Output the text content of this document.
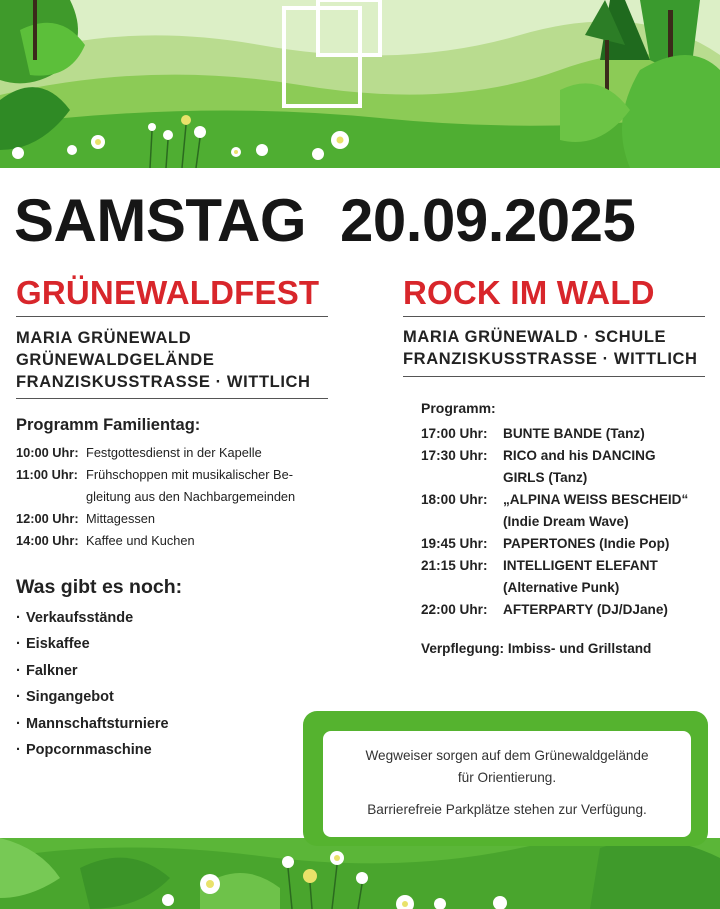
SAMSTAG 20.09.2025
GRÜNEWALDFEST
MARIA GRÜNEWALD
GRÜNEWALDGELÄNDE
FRANZISKUSSTRASSE · WITTLICH
Programm Familientag:
10:00 Uhr: Festgottesdienst in der Kapelle
11:00 Uhr: Frühschoppen mit musikalischer Be-
gleitung aus den Nachbargemeinden
12:00 Uhr: Mittagessen
14:00 Uhr: Kaffee und Kuchen
Was gibt es noch:
· Verkaufsstände
· Eiskaffee
· Falkner
· Singangebot
· Mannschaftsturniere
· Popcornmaschine
ROCK IM WALD
MARIA GRÜNEWALD · SCHULE
FRANZISKUSSTRASSE · WITTLICH
Programm:
17:00 Uhr: BUNTE BANDE (Tanz)
17:30 Uhr: RICO and his DANCING
GIRLS (Tanz)
18:00 Uhr: „ALPINA WEISS BESCHEID“
(Indie Dream Wave)
19:45 Uhr: PAPERTONES (Indie Pop)
21:15 Uhr: INTELLIGENT ELEFANT
(Alternative Punk)
22:00 Uhr: AFTERPARTY (DJ/DJane)
Verpflegung: Imbiss- und Grillstand
Wegweiser sorgen auf dem Grünewaldgelände
für Orientierung.
Barrierefreie Parkplätze stehen zur Verfügung.
